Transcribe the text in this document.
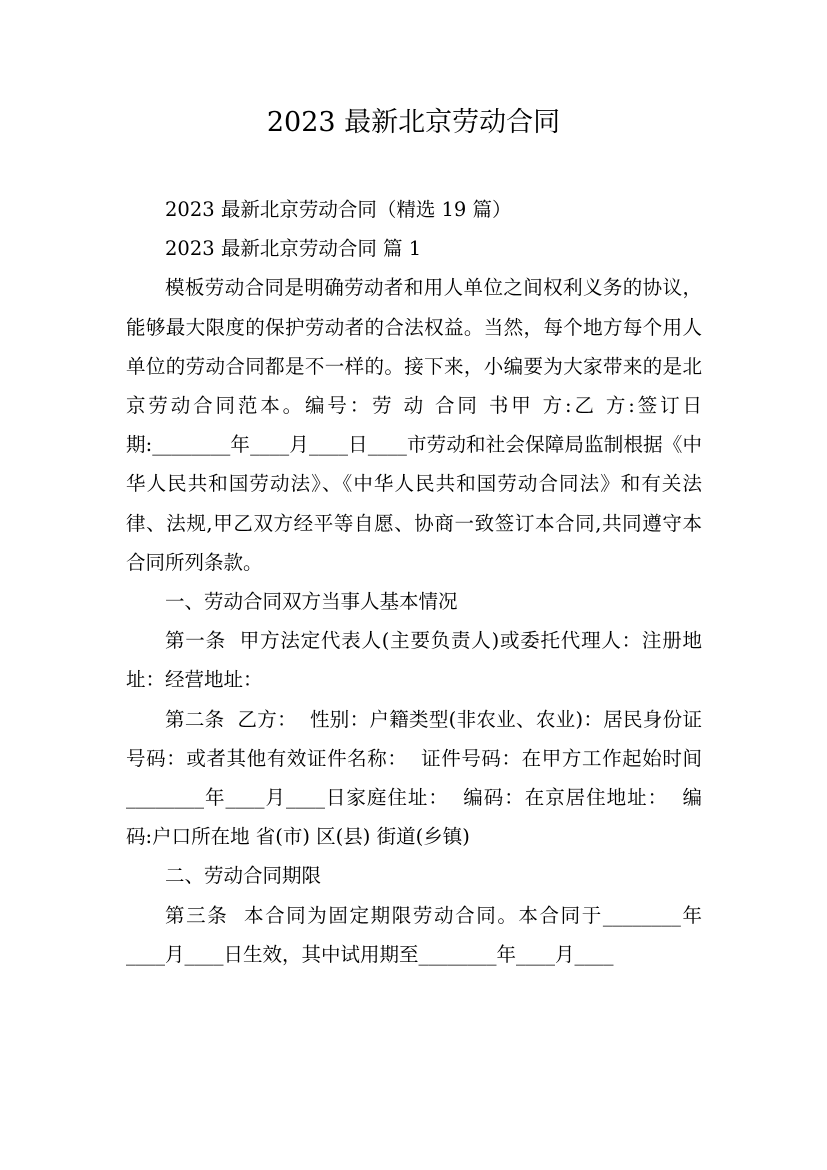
2023 最新北京劳动合同

2023 最新北京劳动合同（精选 19 篇）

2023 最新北京劳动合同 篇 1

模板劳动合同是明确劳动者和用人单位之间权利义务的协议，能够最大限度的保护劳动者的合法权益。当然，每个地方每个用人单位的劳动合同都是不一样的。接下来，小编要为大家带来的是北京劳动合同范本。编号：劳 动 合同 书甲 方:乙 方:签订日期:________年____月____日____市劳动和社会保障局监制根据《中华人民共和国劳动法》、《中华人民共和国劳动合同法》和有关法律、法规,甲乙双方经平等自愿、协商一致签订本合同,共同遵守本合同所列条款。

一、劳动合同双方当事人基本情况

第一条  甲方法定代表人(主要负责人)或委托代理人：注册地址：经营地址：

第二条  乙方：  性别：户籍类型(非农业、农业)：居民身份证号码：或者其他有效证件名称：  证件号码：在甲方工作起始时间________年____月____日家庭住址：  编码：在京居住地址：  编码:户口所在地 省(市) 区(县) 街道(乡镇)

二、劳动合同期限

第三条  本合同为固定期限劳动合同。本合同于________年____月____日生效，其中试用期至________年____月____
